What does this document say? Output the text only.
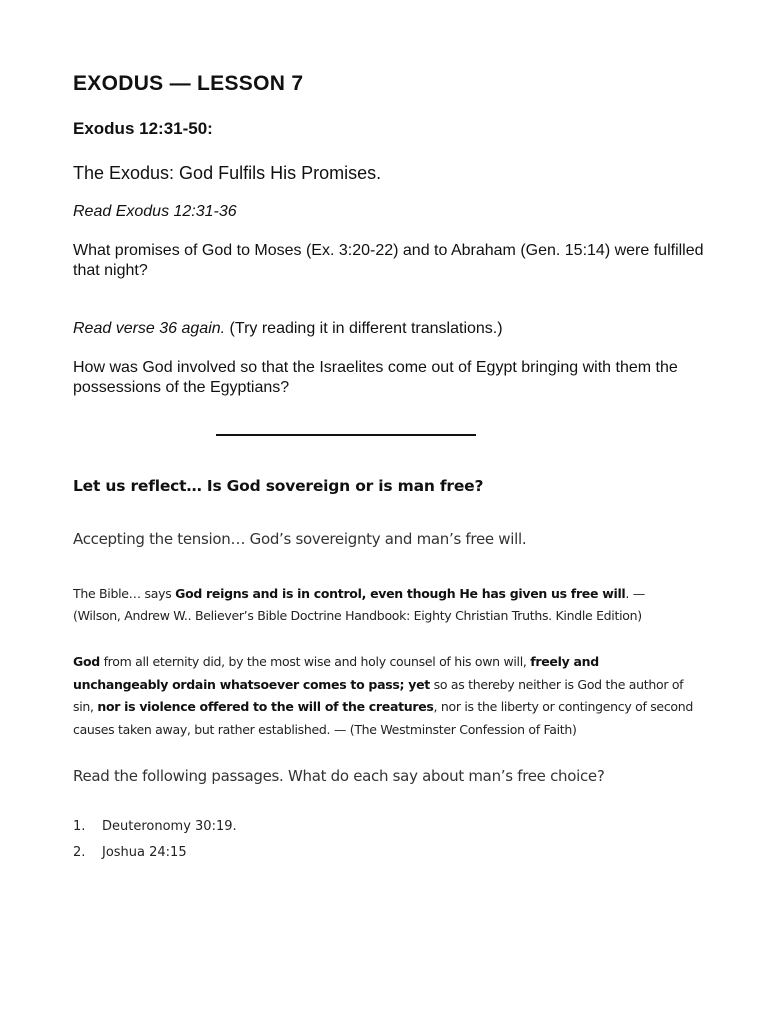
EXODUS — LESSON 7
Exodus 12:31-50:
The Exodus: God Fulfils His Promises.
Read Exodus 12:31-36
What promises of God to Moses (Ex. 3:20-22) and to Abraham (Gen. 15:14) were fulfilled that night?
Read verse 36 again. (Try reading it in different translations.)
How was God involved so that the Israelites come out of Egypt bringing with them the possessions of the Egyptians?
Let us reflect… Is God sovereign or is man free?
Accepting the tension… God’s sovereignty and man’s free will.
The Bible… says God reigns and is in control, even though He has given us free will. — (Wilson, Andrew W.. Believer’s Bible Doctrine Handbook: Eighty Christian Truths. Kindle Edition)
God from all eternity did, by the most wise and holy counsel of his own will, freely and unchangeably ordain whatsoever comes to pass; yet so as thereby neither is God the author of sin, nor is violence offered to the will of the creatures, nor is the liberty or contingency of second causes taken away, but rather established. — (The Westminster Confession of Faith)
Read the following passages. What do each say about man’s free choice?
1. Deuteronomy 30:19.
2. Joshua 24:15
